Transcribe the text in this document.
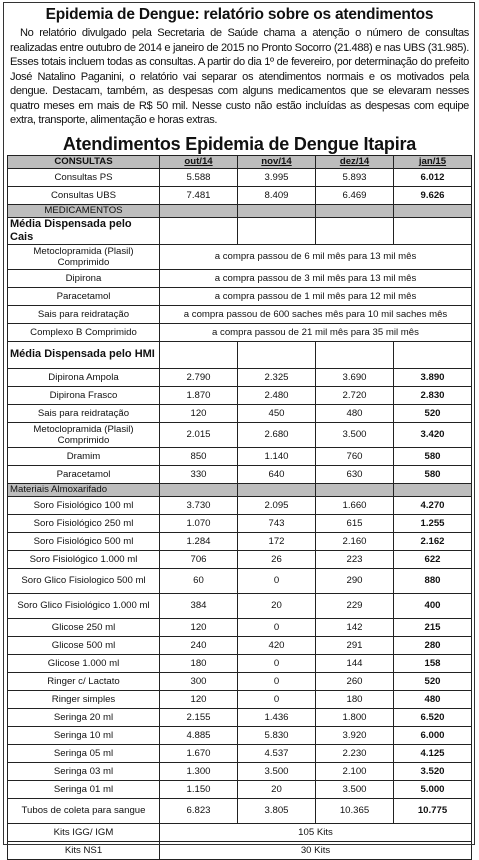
Epidemia de Dengue: relatório sobre os atendimentos

No relatório divulgado pela Secretaria de Saúde chama a atenção o número de consultas realizadas entre outubro de 2014 e janeiro de 2015 no Pronto Socorro (21.488) e nas UBS (31.985). Esses totais incluem todas as consultas. A partir do dia 1º de fevereiro, por determinação do prefeito José Natalino Paganini, o relatório vai separar os atendimentos normais e os motivados pela dengue. Destacam, também, as despesas com alguns medicamentos que se elevaram nesses quatro meses em mais de R$ 50 mil. Nesse custo não estão incluídas as despesas com equipe extra, transporte, alimentação e horas extras.

Atendimentos Epidemia de Dengue Itapira
CONSULTAS	out/14	nov/14	dez/14	jan/15
Consultas PS	5.588	3.995	5.893	6.012
Consultas UBS	7.481	8.409	6.469	9.626
MEDICAMENTOS				
Média Dispensada pelo Cais				
Metoclopramida (Plasil) Comprimido	a compra passou de 6 mil mês para 13 mil mês			
Dipirona	a compra passou de 3 mil mês para 13 mil mês			
Paracetamol	a compra passou de 1 mil mês para 12 mil mês			
Sais para reidratação	a compra passou de 600 saches mês para 10 mil saches mês			
Complexo B Comprimido	a compra passou de 21 mil mês para 35 mil mês			
Média Dispensada pelo HMI				
Dipirona Ampola	2.790	2.325	3.690	3.890
Dipirona Frasco	1.870	2.480	2.720	2.830
Sais para reidratação	120	450	480	520
Metoclopramida (Plasil) Comprimido	2.015	2.680	3.500	3.420
Dramim	850	1.140	760	580
Paracetamol	330	640	630	580
Materiais Almoxarifado				
Soro Fisiológico 100 ml	3.730	2.095	1.660	4.270
Soro Fisiológico 250 ml	1.070	743	615	1.255
Soro Fisiológico 500 ml	1.284	172	2.160	2.162
Soro Fisiológico 1.000 ml	706	26	223	622
Soro Glico Fisiologico 500 ml	60	0	290	880
Soro Glico Fisiológico 1.000 ml	384	20	229	400
Glicose 250 ml	120	0	142	215
Glicose 500 ml	240	420	291	280
Glicose 1.000 ml	180	0	144	158
Ringer c/ Lactato	300	0	260	520
Ringer simples	120	0	180	480
Seringa 20 ml	2.155	1.436	1.800	6.520
Seringa 10 ml	4.885	5.830	3.920	6.000
Seringa 05 ml	1.670	4.537	2.230	4.125
Seringa 03 ml	1.300	3.500	2.100	3.520
Seringa 01 ml	1.150	20	3.500	5.000
Tubos de coleta para sangue	6.823	3.805	10.365	10.775
Kits IGG/ IGM	105 Kits			
Kits NS1	30 Kits			
